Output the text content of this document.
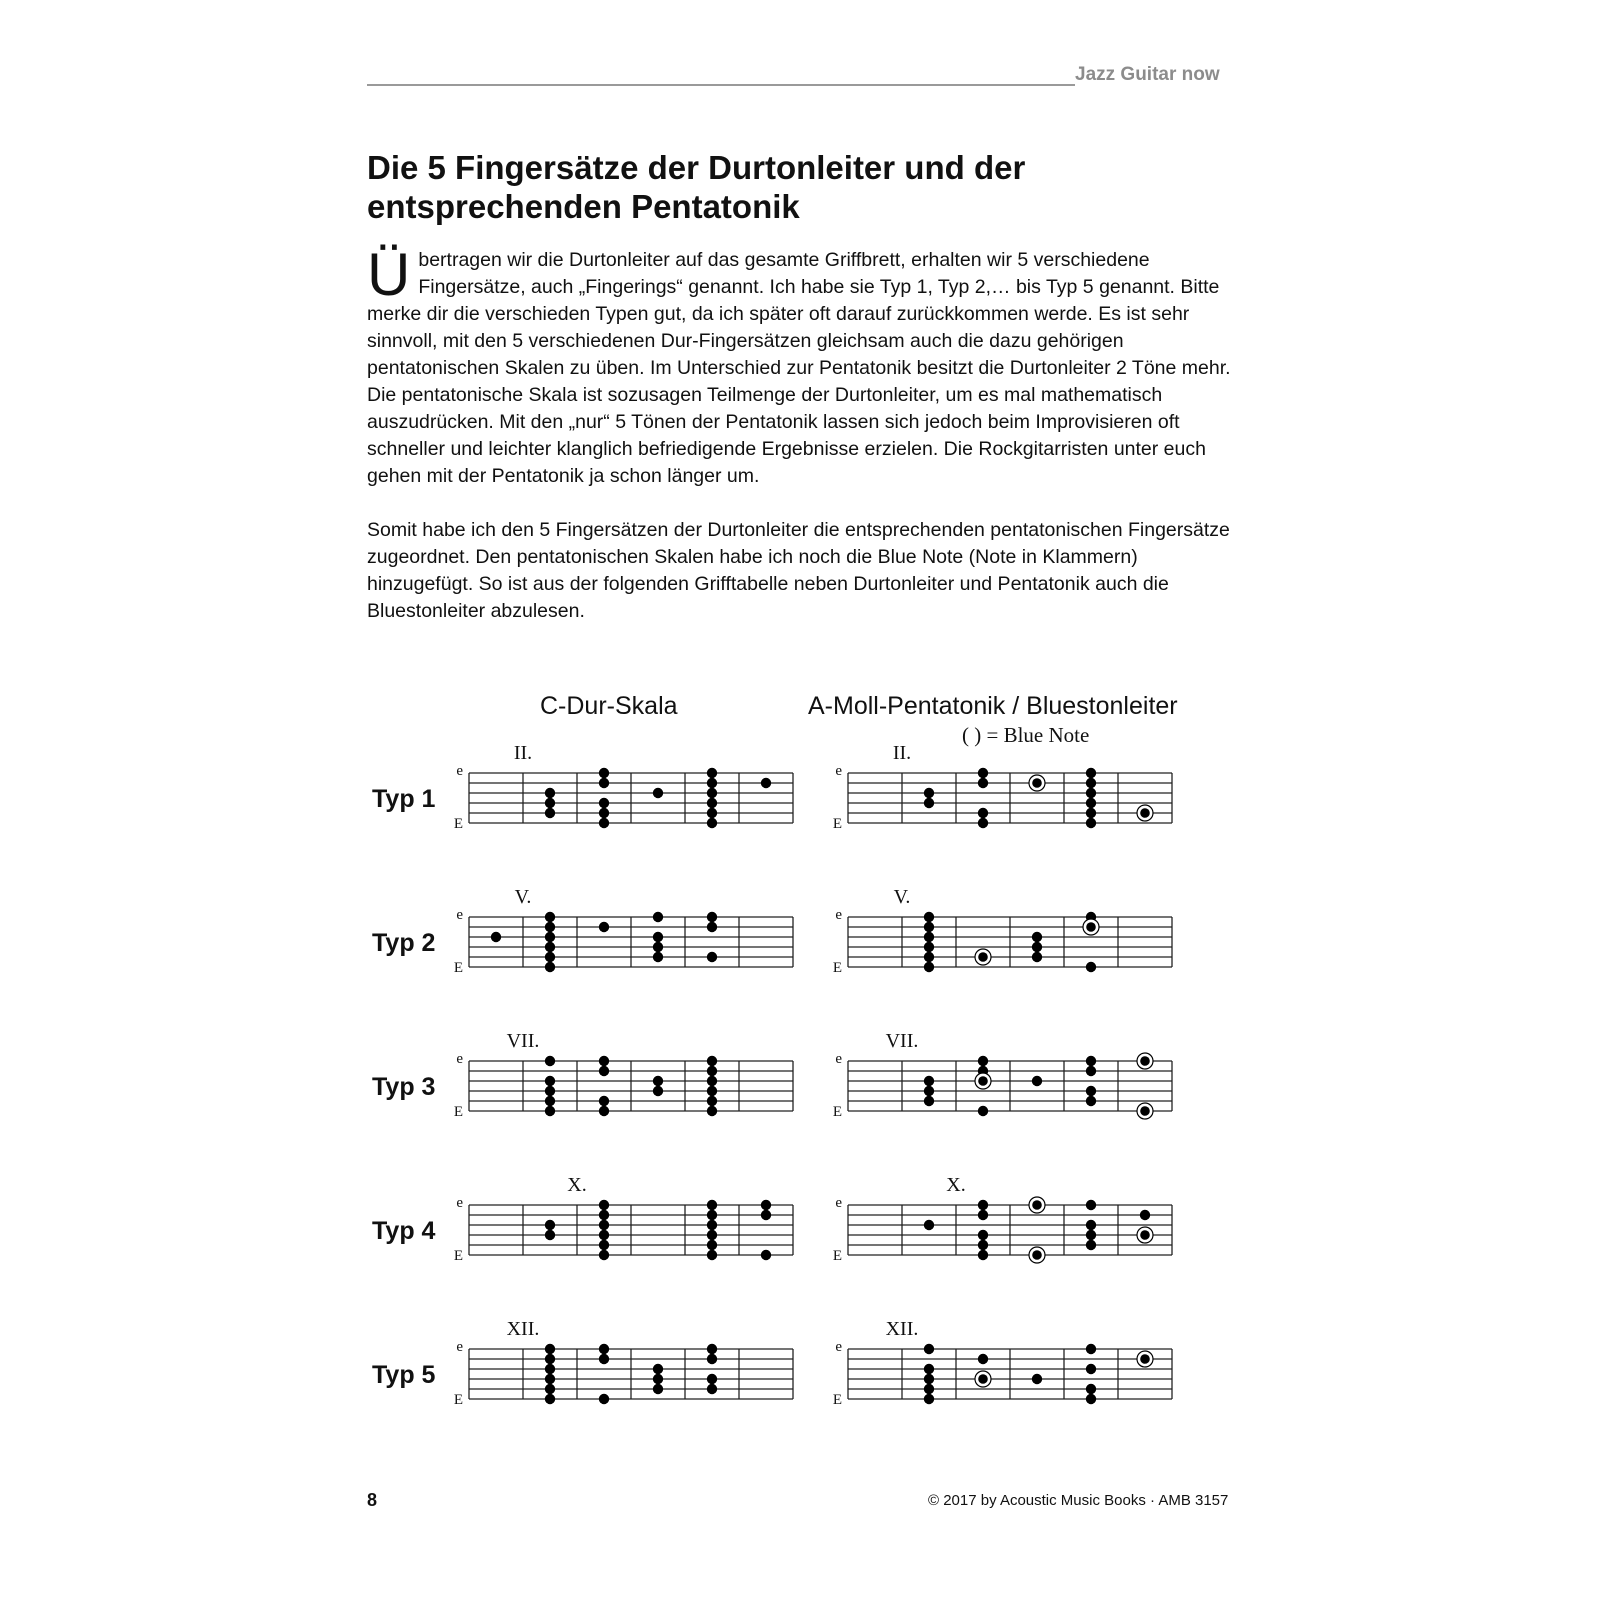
Jazz Guitar now
Die 5 Fingersätze der Durtonleiter und der entsprechenden Pentatonik

Übertragen wir die Durtonleiter auf das gesamte Griffbrett, erhalten wir 5 verschiedene Fingersätze, auch „Fingerings“ genannt. Ich habe sie Typ 1, Typ 2,… bis Typ 5 genannt. Bitte merke dir die verschieden Typen gut, da ich später oft darauf zurückkommen werde. Es ist sehr sinnvoll, mit den 5 verschiedenen Dur-Fingersätzen gleichsam auch die dazu gehörigen pentatonischen Skalen zu üben. Im Unterschied zur Pentatonik besitzt die Durtonleiter 2 Töne mehr. Die pentatonische Skala ist sozusagen Teilmenge der Durtonleiter, um es mal mathematisch auszudrücken. Mit den „nur“ 5 Tönen der Pentatonik lassen sich jedoch beim Improvisieren oft schneller und leichter klanglich befriedigende Ergebnisse erzielen. Die Rockgitarristen unter euch gehen mit der Pentatonik ja schon länger um.

Somit habe ich den 5 Fingersätzen der Durtonleiter die entsprechenden pentatonischen Fingersätze zugeordnet. Den pentatonischen Skalen habe ich noch die Blue Note (Note in Klammern) hinzugefügt. So ist aus der folgenden Grifftabelle neben Durtonleiter und Pentatonik auch die Bluestonleiter abzulesen.

C-Dur-Skala	A-Moll-Pentatonik / Bluestonleiter
( ) = Blue Note
Typ 1
e
E
II.
e
E
II.
Typ 2
e
E
V.
e
E
V.
Typ 3
e
E
VII.
e
E
VII.
Typ 4
e
E
X.
e
E
X.
Typ 5
e
E
XII.
e
E
XII.
8	© 2017 by Acoustic Music Books · AMB 3157
